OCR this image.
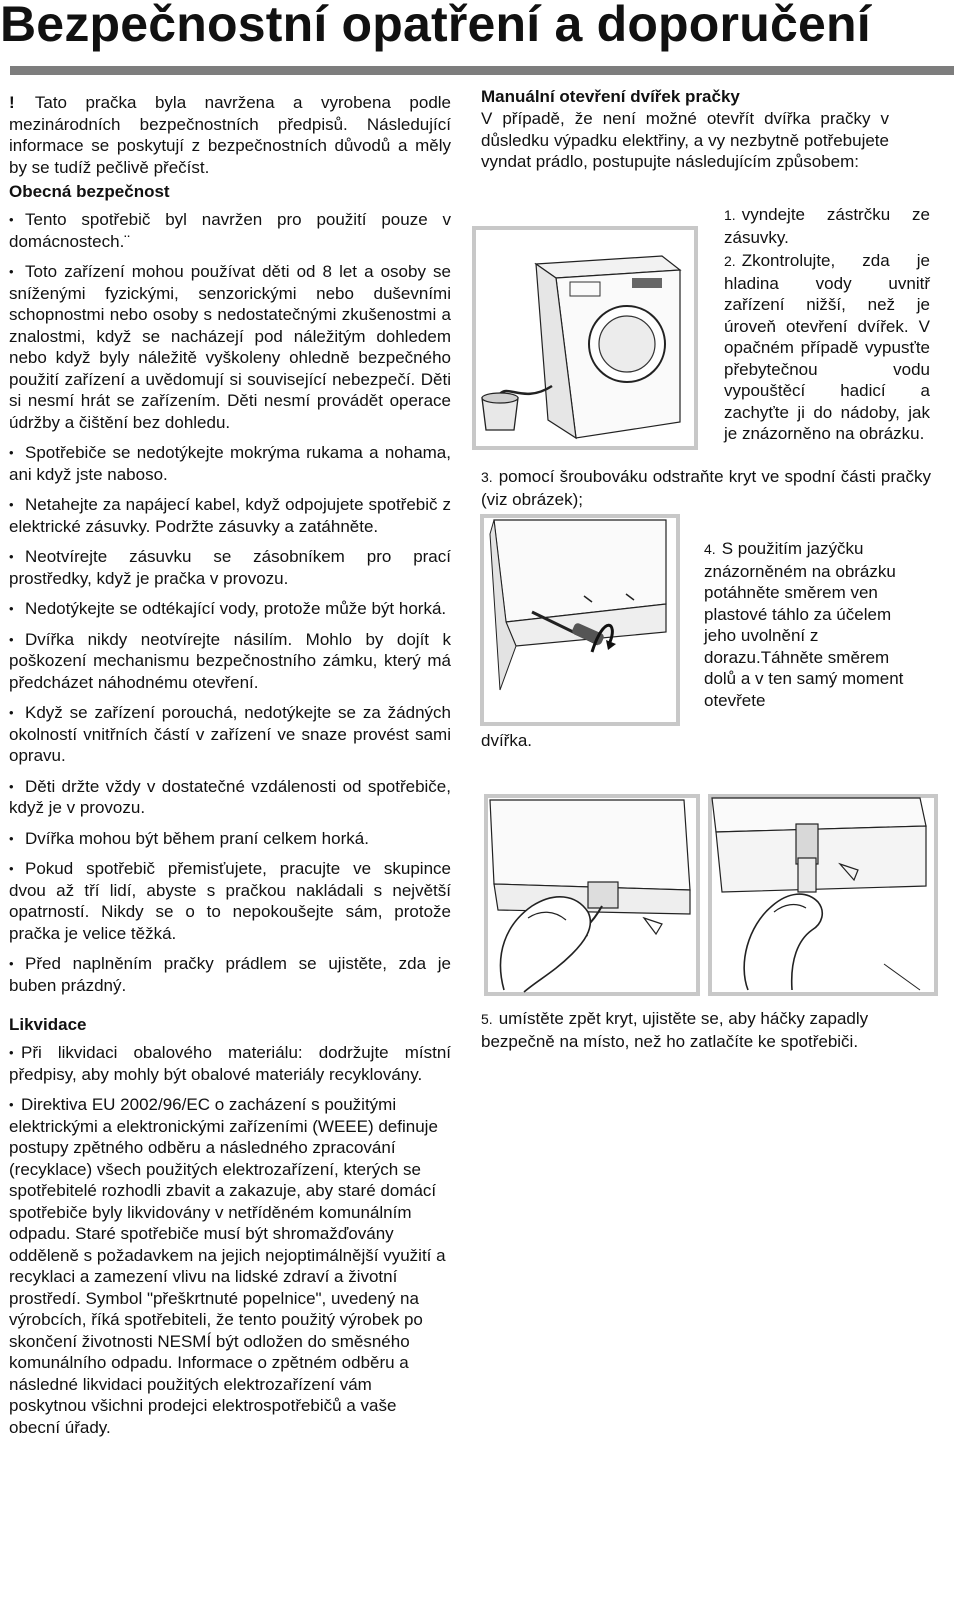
Bezpečnostní opatření a doporučení

! Tato pračka byla navržena a vyrobena podle mezinárodních bezpečnostních předpisů. Následující informace se poskytují z bezpečnostních důvodů a měly by se tudíž pečlivě přečíst.

Obecná bezpečnost

• Tento spotřebič byl navržen pro použití pouze v domácnostech.¨

• Toto zařízení mohou používat děti od 8 let a osoby se sníženými fyzickými, senzorickými nebo duševními schopnostmi nebo osoby s nedostatečnými zkušenostmi a znalostmi, když se nacházejí pod náležitým dohledem nebo když byly náležitě vyškoleny ohledně bezpečného použití zařízení a uvědomují si související nebezpečí. Děti si nesmí hrát se zařízením. Děti nesmí provádět operace údržby a čištění bez dohledu.

• Spotřebiče se nedotýkejte mokrýma rukama a nohama, ani když jste naboso.

• Netahejte za napájecí kabel, když odpojujete spotřebič z elektrické zásuvky. Podržte zásuvky a zatáhněte.

• Neotvírejte zásuvku se zásobníkem pro prací prostředky, když je pračka v provozu.

• Nedotýkejte se odtékající vody, protože může být horká.

• Dvířka nikdy neotvírejte násilím. Mohlo by dojít k poškození mechanismu bezpečnostního zámku, který má předcházet náhodnému otevření.

• Když se zařízení porouchá, nedotýkejte se za žádných okolností vnitřních částí v zařízení ve snaze provést sami opravu.

• Děti držte vždy v dostatečné vzdálenosti od spotřebiče, když je v provozu.

• Dvířka mohou být během praní celkem horká.

• Pokud spotřebič přemisťujete, pracujte ve skupince dvou až tří lidí, abyste s pračkou nakládali s největší opatrností. Nikdy se o to nepokoušejte sám, protože pračka je velice těžká.

• Před naplněním pračky prádlem se ujistěte, zda je buben prázdný.

Likvidace

• Při likvidaci obalového materiálu: dodržujte místní předpisy, aby mohly být obalové materiály recyklovány.

• Direktiva EU 2002/96/EC o zacházení s použitými elektrickými a elektronickými zařízeními (WEEE) definuje postupy zpětného odběru a následného zpracování (recyklace) všech použitých elektrozařízení, kterých se spotřebitelé rozhodli zbavit a zakazuje, aby staré domácí spotřebiče byly likvidovány v netříděném komunálním odpadu. Staré spotřebiče musí být shromažďovány odděleně s požadavkem na jejich nejoptimálnější využití a recyklaci a zamezení vlivu na lidské zdraví a životní prostředí. Symbol "přeškrtnuté popelnice", uvedený na výrobcích, říká spotřebiteli, že tento použitý výrobek po skončení životnosti NESMÍ být odložen do směsného komunálního odpadu. Informace o zpětném odběru a následné likvidaci použitých elektrozařízení vám poskytnou všichni prodejci elektrospotřebičů a vaše obecní úřady.

Manuální otevření dvířek pračky

V případě, že není možné otevřít dvířka pračky v důsledku výpadku elektřiny, a vy nezbytně potřebujete vyndat prádlo, postupujte následujícím způsobem:

1. vyndejte zástrčku ze zásuvky.
2. Zkontrolujte, zda je hladina vody uvnitř zařízení nižší, než je úroveň otevření dvířek. V opačném případě vypusťte přebytečnou vodu vypouštěcí hadicí a zachyťte ji do nádoby, jak je znázorněno na obrázku.
3. pomocí šroubováku odstraňte kryt ve spodní části pračky (viz obrázek);
4. S použitím jazýčku znázorněném na obrázku potáhněte směrem ven plastové táhlo za účelem jeho uvolnění z dorazu.Táhněte směrem dolů a v ten samý moment otevřete
dvířka.
5. umístěte zpět kryt, ujistěte se, aby háčky zapadly bezpečně na místo, než ho zatlačíte ke spotřebiči.
